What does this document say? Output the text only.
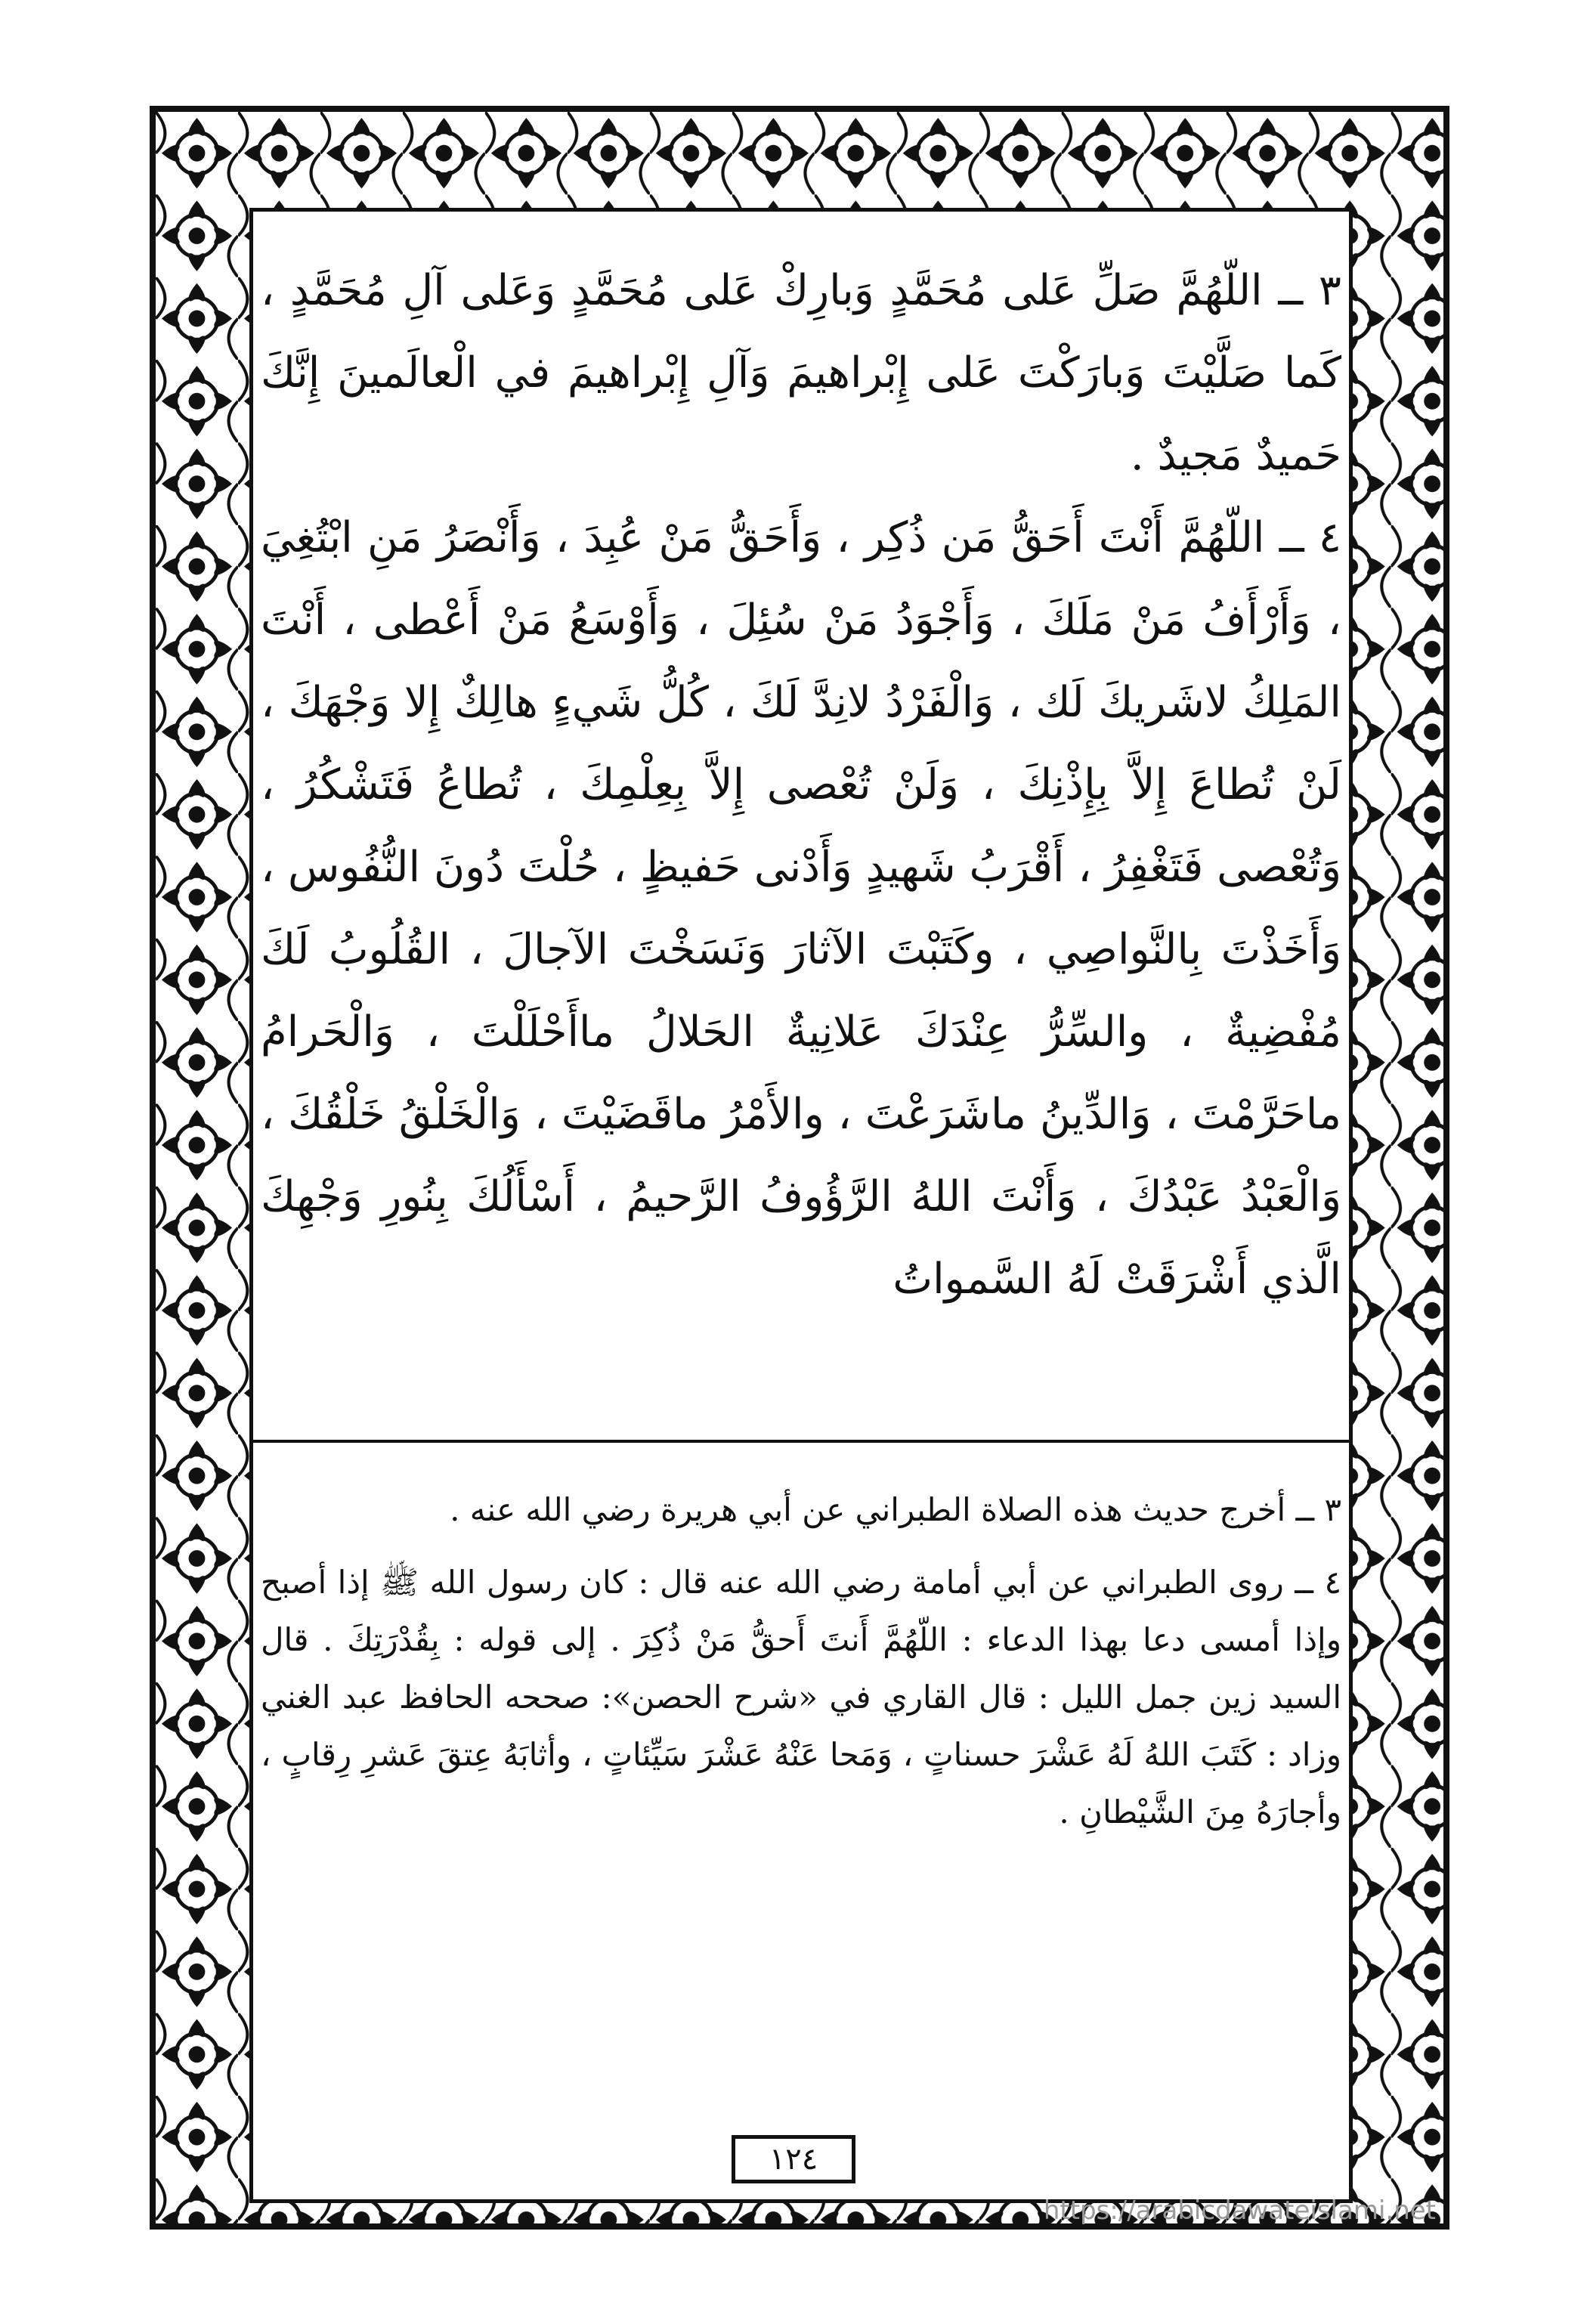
٣ ــ اللّهُمَّ صَلِّ عَلى مُحَمَّدٍ وَبارِكْ عَلى مُحَمَّدٍ وَعَلى آلِ مُحَمَّدٍ ، كَما صَلَّيْتَ وَبارَكْتَ عَلى إِبْراهيمَ وَآلِ إِبْراهيمَ في الْعالَمينَ إِنَّكَ حَميدٌ مَجيدٌ .

٤ ــ اللّهُمَّ أَنْتَ أَحَقُّ مَن ذُكِر ، وَأَحَقُّ مَنْ عُبِدَ ، وَأَنْصَرُ مَنِ ابْتُغِيَ ، وَأَرْأَفُ مَنْ مَلَكَ ، وَأَجْوَدُ مَنْ سُئِلَ ، وَأَوْسَعُ مَنْ أَعْطى ، أَنْتَ المَلِكُ لاشَريكَ لَك ، وَالْفَرْدُ لانِدَّ لَكَ ، كُلُّ شَيءٍ هالِكٌ إِلا وَجْهَكَ ، لَنْ تُطاعَ إِلاَّ بِإِذْنِكَ ، وَلَنْ تُعْصى إِلاَّ بِعِلْمِكَ ، تُطاعُ فَتَشْكُرُ ، وَتُعْصى فَتَغْفِرُ ، أَقْرَبُ شَهيدٍ وَأَدْنى حَفيظٍ ، حُلْتَ دُونَ النُّفُوس ، وَأَخَذْتَ بِالنَّواصِي ، وكَتَبْتَ الآثارَ وَنَسَخْتَ الآجالَ ، القُلُوبُ لَكَ مُفْضِيةٌ ، والسِّرُّ عِنْدَكَ عَلانِيةٌ الحَلالُ ماأَحْلَلْتَ ، وَالْحَرامُ ماحَرَّمْتَ ، وَالدِّينُ ماشَرَعْتَ ، والأَمْرُ ماقَضَيْتَ ، وَالْخَلْقُ خَلْقُكَ ، وَالْعَبْدُ عَبْدُكَ ، وَأَنْتَ اللهُ الرَّؤُوفُ الرَّحيمُ ، أَسْأَلُكَ بِنُورِ وَجْهِكَ الَّذي أَشْرَقَتْ لَهُ السَّمواتُ

٣ ــ أخرج حديث هذه الصلاة الطبراني عن أبي هريرة رضي الله عنه .

٤ ــ روى الطبراني عن أبي أمامة رضي الله عنه قال : كان رسول الله ﷺ إذا أصبح وإذا أمسى دعا بهذا الدعاء : اللّهُمَّ أَنتَ أَحقُّ مَنْ ذُكِرَ . إلى قوله : بِقُدْرَتِكَ . قال السيد زين جمل الليل : قال القاري في «شرح الحصن»: صححه الحافظ عبد الغني وزاد : كَتَبَ اللهُ لَهُ عَشْرَ حسناتٍ ، وَمَحا عَنْهُ عَشْرَ سَيِّئاتٍ ، وأثابَهُ عِتقَ عَشرِ رِقابٍ ، وأجارَهُ مِنَ الشَّيْطانِ .

١٢٤
https://arabicdawateislami.net
